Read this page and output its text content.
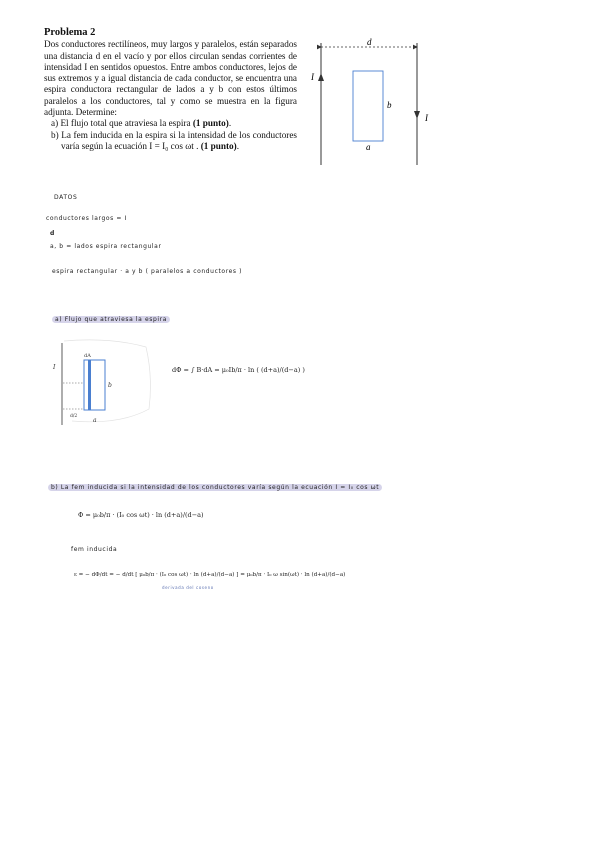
Problema 2
Dos conductores rectilíneos, muy largos y paralelos, están separados una distancia d en el vacío y por ellos circulan sendas corrientes de intensidad I en sentidos opuestos. Entre ambos conductores, lejos de sus extremos y a igual distancia de cada conductor, se encuentra una espira conductora rectangular de lados a y b con estos últimos paralelos a los conductores, tal y como se muestra en la figura adjunta. Determine:
a) El flujo total que atraviesa la espira (1 punto).
b) La fem inducida en la espira si la intensidad de los conductores varía según la ecuación I = I₀ cos ωt . (1 punto).
d
I
I
b
a
DATOS
conductores largos = I
d
a, b = lados espira rectangular
espira rectangular · a y b ( paralelos a conductores )
a) Flujo que atraviesa la espira
I
dA
b
a
d/2
dΦ = ∫ B·dA = μ₀Ib/π · ln ( (d+a)/(d−a) )
b) La fem inducida si la intensidad de los conductores varía según la ecuación I = I₀ cos ωt
Φ = μ₀b/π · (I₀ cos ωt) · ln (d+a)/(d−a)
fem inducida
ε = − dΦ/dt = − d/dt [ μ₀b/π · (I₀ cos ωt) · ln (d+a)/(d−a) ] = μ₀b/π · I₀ ω sin(ωt) · ln (d+a)/(d−a)
derivada del coseno
